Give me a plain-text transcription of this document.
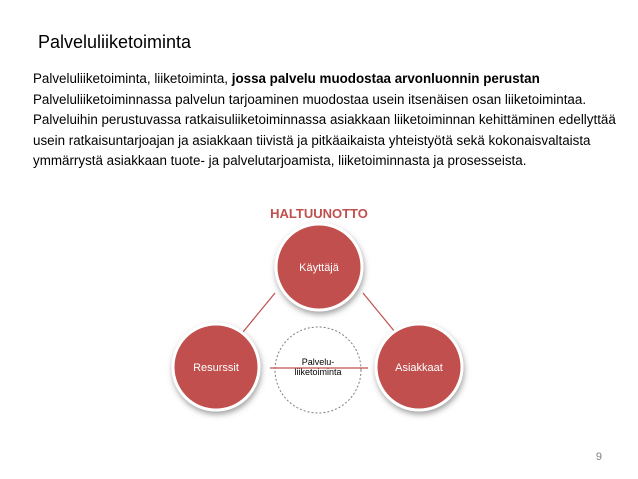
Palveluliiketoiminta
Palveluliiketoiminta, liiketoiminta, jossa palvelu muodostaa arvonluonnin perustan Palveluliiketoiminnassa palvelun tarjoaminen muodostaa usein itsenäisen osan liiketoimintaa. Palveluihin perustuvassa ratkaisuliiketoiminnassa asiakkaan liiketoiminnan kehittäminen edellyttää usein ratkaisuntarjoajan ja asiakkaan tiivistä ja pitkäaikaista yhteistyötä sekä kokonaisvaltaista ymmärrystä asiakkaan tuote- ja palvelutarjoamista, liiketoiminnasta ja prosesseista.
HALTUUNOTTO
Palvelu-
liiketoiminta
Käyttäjä
Resurssit	Asiakkaat
9
